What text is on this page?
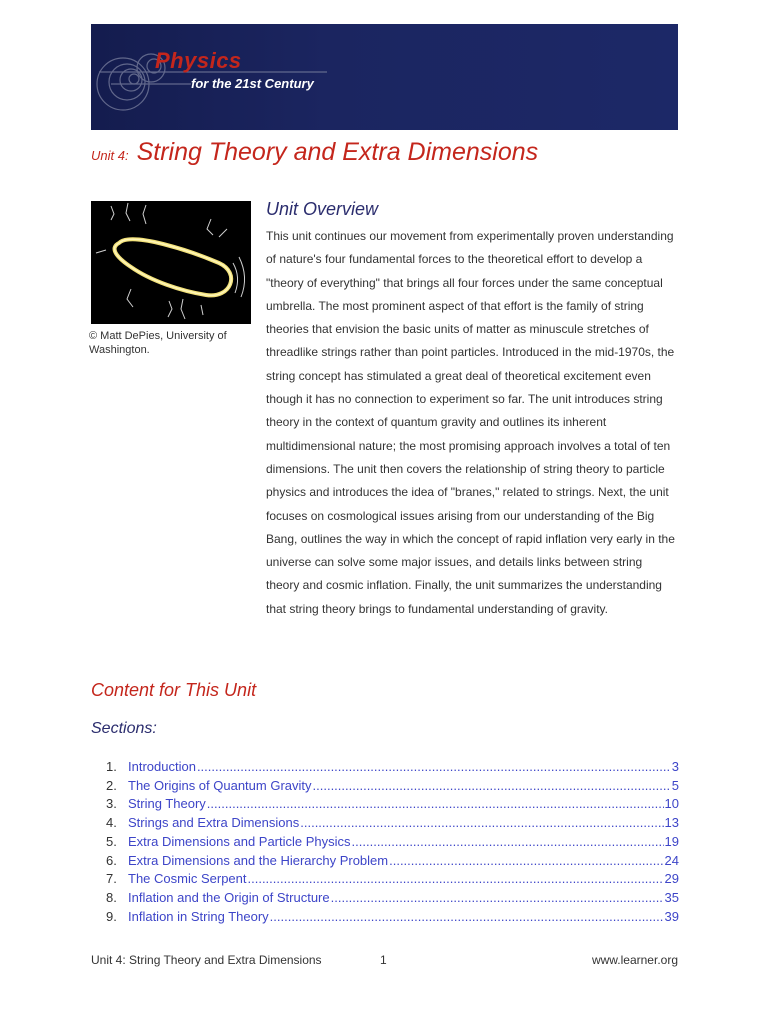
Physics
for the 21st Century
Unit 4: String Theory and Extra Dimensions
© Matt DePies, University of Washington.
Unit Overview

This unit continues our movement from experimentally proven understanding of nature's four fundamental forces to the theoretical effort to develop a "theory of everything" that brings all four forces under the same conceptual umbrella. The most prominent aspect of that effort is the family of string theories that envision the basic units of matter as minuscule stretches of threadlike strings rather than point particles. Introduced in the mid-1970s, the string concept has stimulated a great deal of theoretical excitement even though it has no connection to experiment so far. The unit introduces string theory in the context of quantum gravity and outlines its inherent multidimensional nature; the most promising approach involves a total of ten dimensions. The unit then covers the relationship of string theory to particle physics and introduces the idea of "branes," related to strings. Next, the unit focuses on cosmological issues arising from our understanding of the Big Bang, outlines the way in which the concept of rapid inflation very early in the universe can solve some major issues, and details links between string theory and cosmic inflation. Finally, the unit summarizes the understanding that string theory brings to fundamental understanding of gravity.

Content for This Unit
Sections:
1. Introduction .....	3
2. The Origins of Quantum Gravity .....	5
3. String Theory .....	10
4. Strings and Extra Dimensions .....	13
5. Extra Dimensions and Particle Physics .....	19
6. Extra Dimensions and the Hierarchy Problem .....	24
7. The Cosmic Serpent .....	29
8. Inflation and the Origin of Structure .....	35
9. Inflation in String Theory .....	39
Unit 4: String Theory and Extra Dimensions	1	www.learner.org
